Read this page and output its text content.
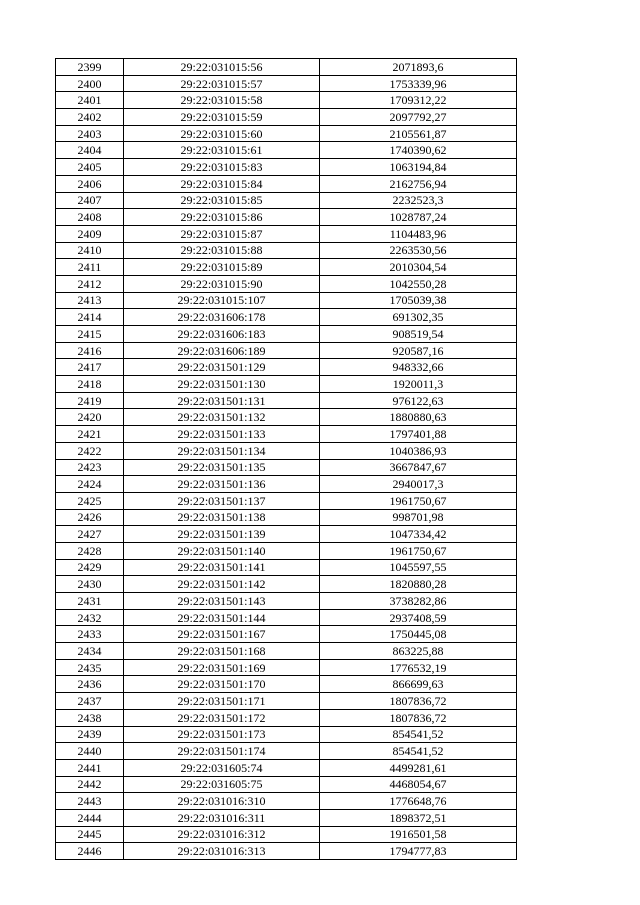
2399	29:22:031015:56	2071893,6
2400	29:22:031015:57	1753339,96
2401	29:22:031015:58	1709312,22
2402	29:22:031015:59	2097792,27
2403	29:22:031015:60	2105561,87
2404	29:22:031015:61	1740390,62
2405	29:22:031015:83	1063194,84
2406	29:22:031015:84	2162756,94
2407	29:22:031015:85	2232523,3
2408	29:22:031015:86	1028787,24
2409	29:22:031015:87	1104483,96
2410	29:22:031015:88	2263530,56
2411	29:22:031015:89	2010304,54
2412	29:22:031015:90	1042550,28
2413	29:22:031015:107	1705039,38
2414	29:22:031606:178	691302,35
2415	29:22:031606:183	908519,54
2416	29:22:031606:189	920587,16
2417	29:22:031501:129	948332,66
2418	29:22:031501:130	1920011,3
2419	29:22:031501:131	976122,63
2420	29:22:031501:132	1880880,63
2421	29:22:031501:133	1797401,88
2422	29:22:031501:134	1040386,93
2423	29:22:031501:135	3667847,67
2424	29:22:031501:136	2940017,3
2425	29:22:031501:137	1961750,67
2426	29:22:031501:138	998701,98
2427	29:22:031501:139	1047334,42
2428	29:22:031501:140	1961750,67
2429	29:22:031501:141	1045597,55
2430	29:22:031501:142	1820880,28
2431	29:22:031501:143	3738282,86
2432	29:22:031501:144	2937408,59
2433	29:22:031501:167	1750445,08
2434	29:22:031501:168	863225,88
2435	29:22:031501:169	1776532,19
2436	29:22:031501:170	866699,63
2437	29:22:031501:171	1807836,72
2438	29:22:031501:172	1807836,72
2439	29:22:031501:173	854541,52
2440	29:22:031501:174	854541,52
2441	29:22:031605:74	4499281,61
2442	29:22:031605:75	4468054,67
2443	29:22:031016:310	1776648,76
2444	29:22:031016:311	1898372,51
2445	29:22:031016:312	1916501,58
2446	29:22:031016:313	1794777,83
